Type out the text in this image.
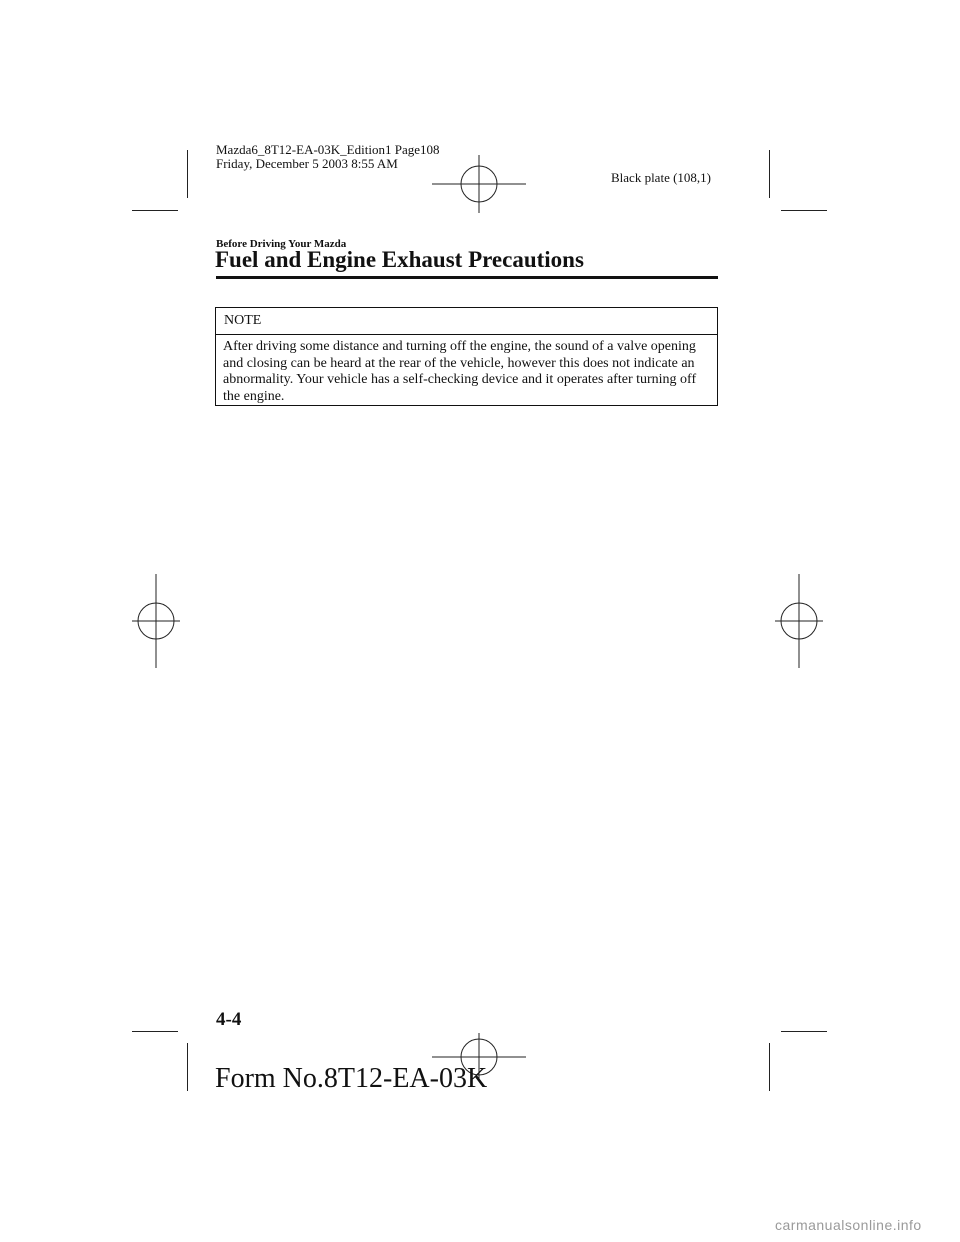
Mazda6_8T12-EA-03K_Edition1 Page108
Friday, December 5 2003 8:55 AM
Black plate (108,1)
Before Driving Your Mazda
Fuel and Engine Exhaust Precautions
NOTE
After driving some distance and turning off the engine, the sound of a valve opening and closing can be heard at the rear of the vehicle, however this does not indicate an abnormality. Your vehicle has a self-checking device and it operates after turning off the engine.
4-4
Form No.8T12-EA-03K
carmanualsonline.info
